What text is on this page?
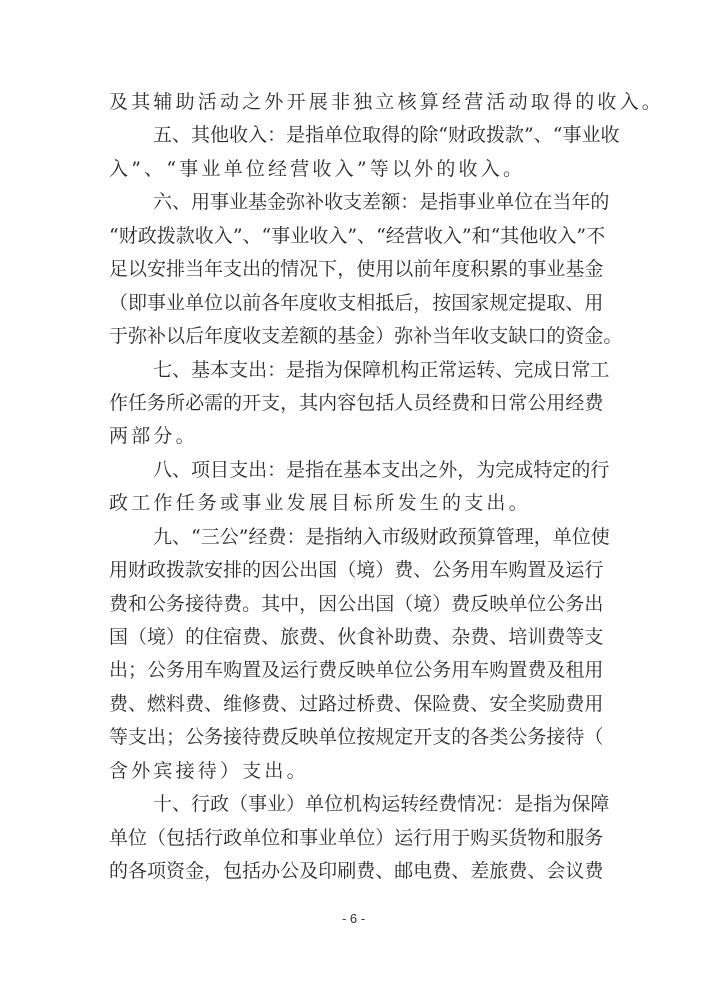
及其辅助活动之外开展非独立核算经营活动取得的收入。
五 、 其 他 收 入 ： 是 指 单 位 取 得 的 除 “ 财 政 拨 款 ” 、 “ 事 业 收
入”、“事业单位经营收入”等以外的收入。
六 、 用 事 业 基 金 弥 补 收 支 差 额 ： 是 指 事 业 单 位 在 当 年 的
“ 财 政 拨 款 收 入 ” 、 “ 事 业 收 入 ” 、 “ 经 营 收 入 ” 和 “ 其 他 收 入 ” 不
足 以 安 排 当 年 支 出 的 情 况 下 ， 使 用 以 前 年 度 积 累 的 事 业 基 金
（ 即 事 业 单 位 以 前 各 年 度 收 支 相 抵 后 ， 按 国 家 规 定 提 取 、 用
于 弥 补 以 后 年 度 收 支 差 额 的 基 金 ） 弥 补 当 年 收 支 缺 口 的 资 金 。
七 、 基 本 支 出 ： 是 指 为 保 障 机 构 正 常 运 转 、 完 成 日 常 工
作 任 务 所 必 需 的 开 支 ， 其 内 容 包 括 人 员 经 费 和 日 常 公 用 经 费
两部分。
八 、 项 目 支 出 ： 是 指 在 基 本 支 出 之 外 ， 为 完 成 特 定 的 行
政工作任务或事业发展目标所发生的支出。
九 、 “ 三 公 ” 经 费 ： 是 指 纳 入 市 级 财 政 预 算 管 理 ， 单 位 使
用 财 政 拨 款 安 排 的 因 公 出 国 （ 境 ） 费 、 公 务 用 车 购 置 及 运 行
费 和 公 务 接 待 费 。 其 中 ， 因 公 出 国 （ 境 ） 费 反 映 单 位 公 务 出
国 （ 境 ） 的 住 宿 费 、 旅 费 、 伙 食 补 助 费 、 杂 费 、 培 训 费 等 支
出 ； 公 务 用 车 购 置 及 运 行 费 反 映 单 位 公 务 用 车 购 置 费 及 租 用
费 、 燃 料 费 、 维 修 费 、 过 路 过 桥 费 、 保 险 费 、 安 全 奖 励 费 用
等 支 出 ； 公 务 接 待 费 反 映 单 位 按 规 定 开 支 的 各 类 公 务 接 待 （
含外宾接待）支出。
十 、 行 政 （ 事 业 ） 单 位 机 构 运 转 经 费 情 况 ： 是 指 为 保 障
单 位 （ 包 括 行 政 单 位 和 事 业 单 位 ） 运 行 用 于 购 买 货 物 和 服 务
的 各 项 资 金 ， 包 括 办 公 及 印 刷 费 、 邮 电 费 、 差 旅 费 、 会 议 费
- 6 -
